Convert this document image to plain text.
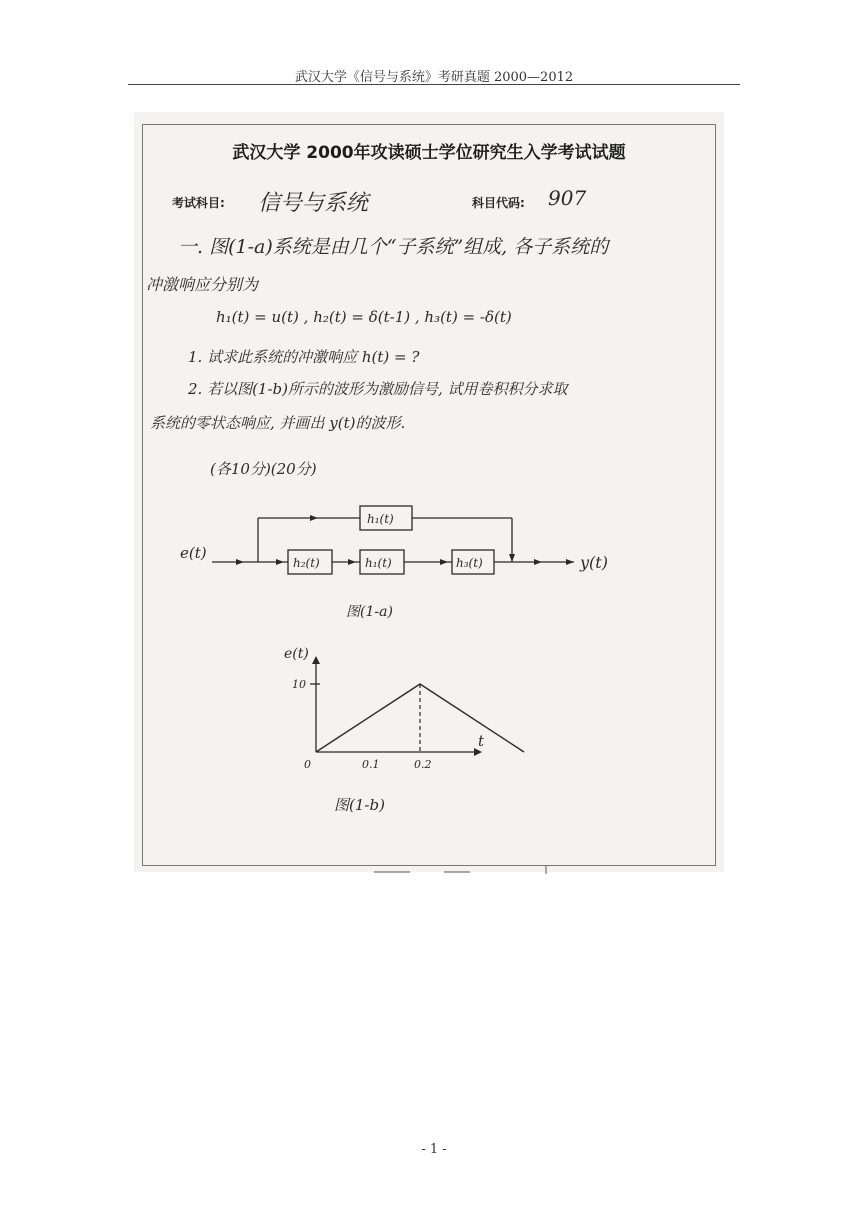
武汉大学《信号与系统》考研真题 2000—2012
武汉大学 2000年攻读硕士学位研究生入学考试试题
考试科目: 信号与系统	科目代码: 907
一. 图(1-a)系统是由几个“子系统”组成, 各子系统的
冲激响应分别为
h₁(t) = u(t) , h₂(t) = δ(t-1) , h₃(t) = -δ(t)
1. 试求此系统的冲激响应 h(t) = ?
2. 若以图(1-b)所示的波形为激励信号, 试用卷积积分求取
系统的零状态响应, 并画出 y(t)的波形.
(各10分)(20分)
e(t)	y(t)
h₁(t)
h₂(t)	h₁(t)	h₃(t)
图(1-a)
e(t)
t
10
0	0.1	0.2
图(1-b)
- 1 -
